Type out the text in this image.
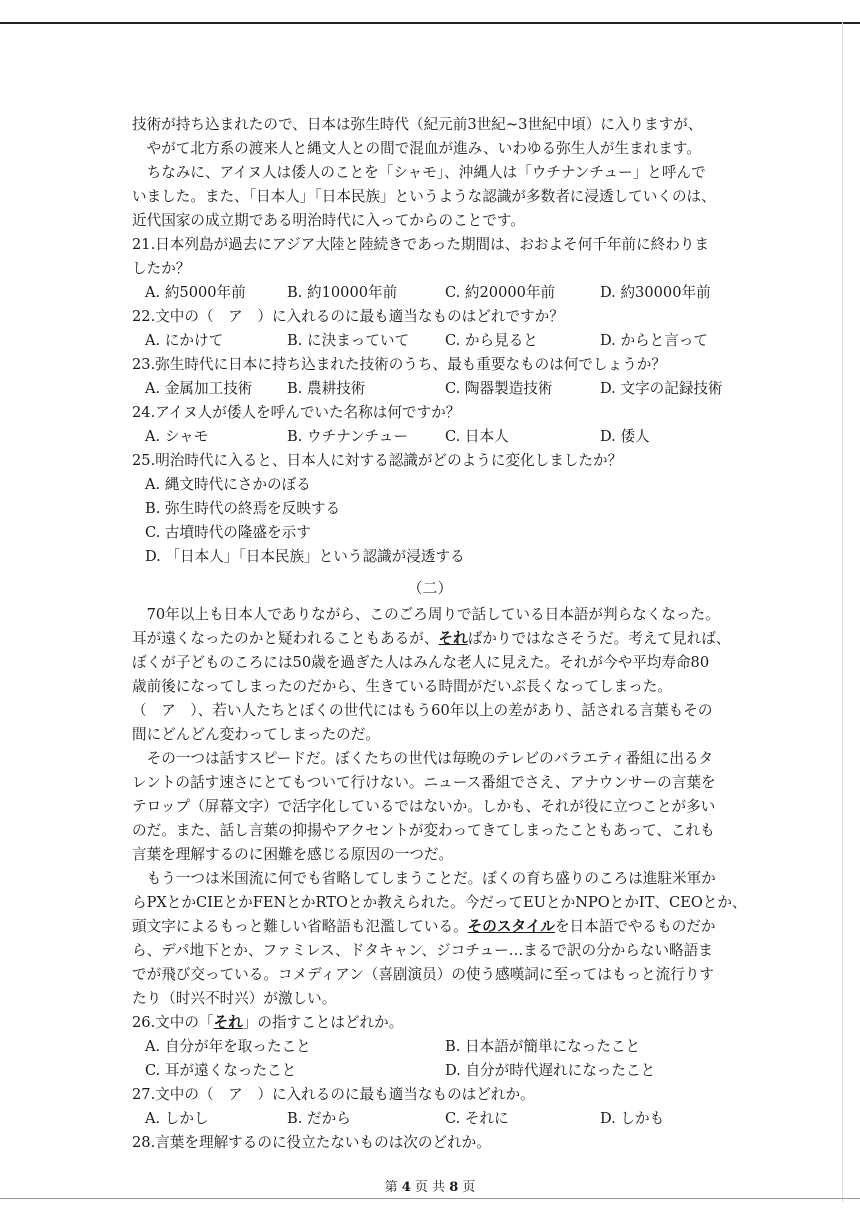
技術が持ち込まれたので、日本は弥生時代（紀元前3世紀~3世紀中頃）に入りますが、
　やがて北方系の渡来人と縄文人との間で混血が進み、いわゆる弥生人が生まれます。
　ちなみに、アイヌ人は倭人のことを「シャモ」、沖縄人は「ウチナンチュー」と呼んで
いました。また、「日本人」「日本民族」というような認識が多数者に浸透していくのは、
近代国家の成立期である明治時代に入ってからのことです。
21.日本列島が過去にアジア大陸と陸続きであった期間は、おおよそ何千年前に終わりま
したか？
A. 約5000年前	B. 約10000年前	C. 約20000年前	D. 約30000年前
22.文中の（　ア　）に入れるのに最も適当なものはどれですか？
A. にかけて	B. に決まっていて C. から見ると	D. からと言って
23.弥生時代に日本に持ち込まれた技術のうち、最も重要なものは何でしょうか？
A. 金属加工技術 B. 農耕技術	C. 陶器製造技術	D. 文字の記録技術
24.アイヌ人が倭人を呼んでいた名称は何ですか？
A. シャモ	B. ウチナンチュー	C. 日本人	D. 倭人
25.明治時代に入ると、日本人に対する認識がどのように変化しましたか？
A. 縄文時代にさかのぼる
B. 弥生時代の終焉を反映する
C. 古墳時代の隆盛を示す
D. 「日本人」「日本民族」という認識が浸透する
（二）
　70年以上も日本人でありながら、このごろ周りで話している日本語が判らなくなった。
耳が遠くなったのかと疑われることもあるが、そればかりではなさそうだ。考えて見れば、
ぼくが子どものころには50歳を過ぎた人はみんな老人に見えた。それが今や平均寿命80
歳前後になってしまったのだから、生きている時間がだいぶ長くなってしまった。
（　ア　）、若い人たちとぼくの世代にはもう60年以上の差があり、話される言葉もその
間にどんどん変わってしまったのだ。
　その一つは話すスピードだ。ぼくたちの世代は毎晩のテレビのバラエティ番組に出るタ
レントの話す速さにとてもついて行けない。ニュース番組でさえ、アナウンサーの言葉を
テロップ（屏幕文字）で活字化しているではないか。しかも、それが役に立つことが多い
のだ。また、話し言葉の抑揚やアクセントが変わってきてしまったこともあって、これも
言葉を理解するのに困難を感じる原因の一つだ。
　もう一つは米国流に何でも省略してしまうことだ。ぼくの育ち盛りのころは進駐米軍か
らPXとかCIEとかFENとかRTOとか教えられた。今だってEUとかNPOとかIT、CEOとか、
頭文字によるもっと難しい省略語も氾濫している。そのスタイルを日本語でやるものだか
ら、デパ地下とか、ファミレス、ドタキャン、ジコチュー…まるで訳の分からない略語ま
でが飛び交っている。コメディアン（喜剧演员）の使う感嘆詞に至ってはもっと流行りす
たり（时兴不时兴）が激しい。
26.文中の「それ」の指すことはどれか。
A. 自分が年を取ったこと	B. 日本語が簡単になったこと
C. 耳が遠くなったこと	D. 自分が時代遅れになったこと
27.文中の（　ア　）に入れるのに最も適当なものはどれか。
A. しかし	B. だから	C. それに	D. しかも
28.言葉を理解するのに役立たないものは次のどれか。
第 4 页 共 8 页
